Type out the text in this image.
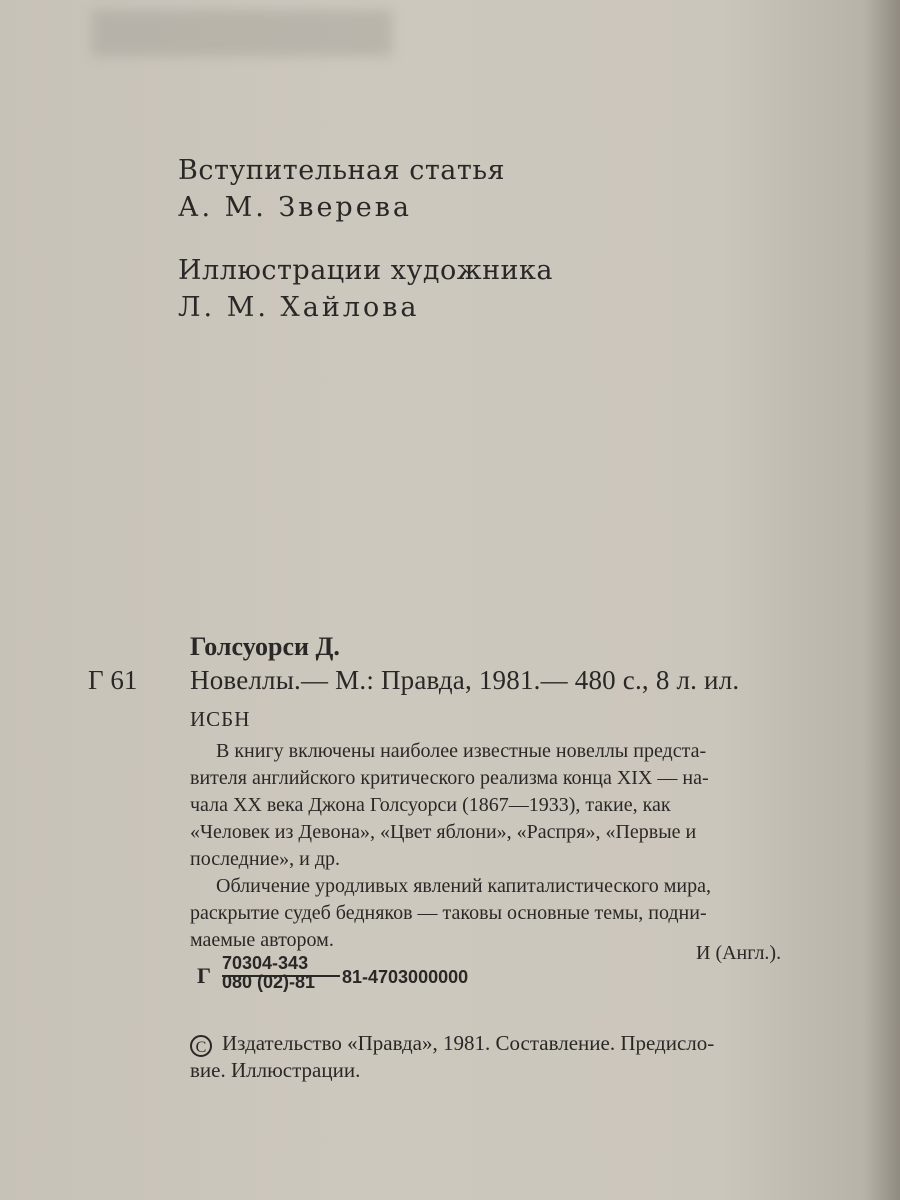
Вступительная статья
А. М. Зверева
Иллюстрации художника
Л. М. Хайлова
Голсуорси Д.
Г 61 Новеллы.— М.: Правда, 1981.— 480 с., 8 л. ил.
ИСБН
В книгу включены наиболее известные новеллы предста-
вителя английского критического реализма конца XIX — на-
чала XX века Джона Голсуорси (1867—1933), такие, как
«Человек из Девона», «Цвет яблони», «Распря», «Первые и
последние», и др.
Обличение уродливых явлений капиталистического мира,
раскрытие судеб бедняков — таковы основные темы, подни-
маемые автором.
И (Англ.).
Г 70304-343
080 (02)-81 81-4703000000
C Издательство «Правда», 1981. Составление. Предисло-
вие. Иллюстрации.
